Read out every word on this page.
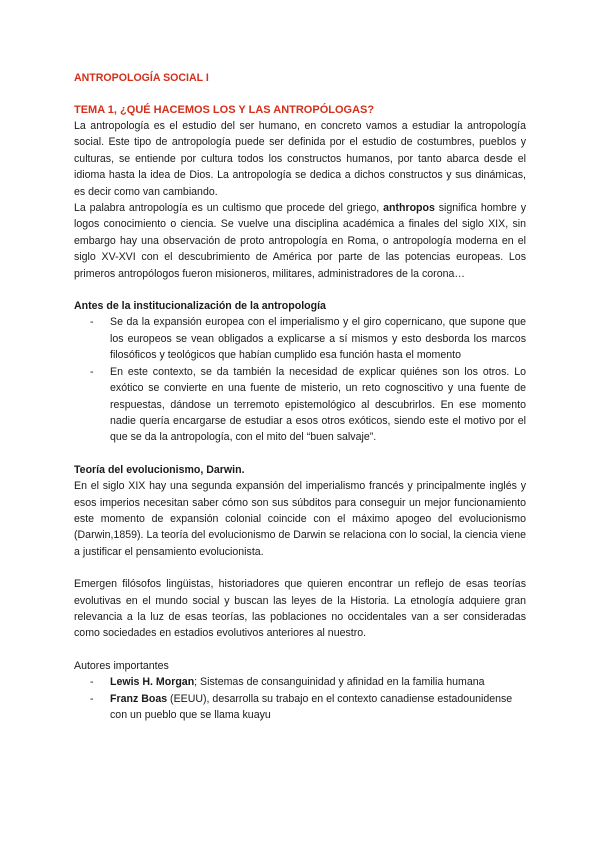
ANTROPOLOGÍA SOCIAL I

TEMA 1, ¿QUÉ HACEMOS LOS Y LAS ANTROPÓLOGAS?

La antropología es el estudio del ser humano, en concreto vamos a estudiar la antropología social. Este tipo de antropología puede ser definida por el estudio de costumbres, pueblos y culturas, se entiende por cultura todos los constructos humanos, por tanto abarca desde el idioma hasta la idea de Dios. La antropología se dedica a dichos constructos y sus dinámicas, es decir como van cambiando.

La palabra antropología es un cultismo que procede del griego, anthropos significa hombre y logos conocimiento o ciencia. Se vuelve una disciplina académica a finales del siglo XIX, sin embargo hay una observación de proto antropología en Roma, o antropología moderna en el siglo XV-XVI con el descubrimiento de América por parte de las potencias europeas. Los primeros antropólogos fueron misioneros, militares, administradores de la corona…

Antes de la institucionalización de la antropología

- Se da la expansión europea con el imperialismo y el giro copernicano, que supone que los europeos se vean obligados a explicarse a sí mismos y esto desborda los marcos filosóficos y teológicos que habían cumplido esa función hasta el momento
- En este contexto, se da también la necesidad de explicar quiénes son los otros. Lo exótico se convierte en una fuente de misterio, un reto cognoscitivo y una fuente de respuestas, dándose un terremoto epistemológico al descubrirlos. En ese momento nadie quería encargarse de estudiar a esos otros exóticos, siendo este el motivo por el que se da la antropología, con el mito del “buen salvaje”.

Teoría del evolucionismo, Darwin.

En el siglo XIX hay una segunda expansión del imperialismo francés y principalmente inglés y esos imperios necesitan saber cómo son sus súbditos para conseguir un mejor funcionamiento este momento de expansión colonial coincide con el máximo apogeo del evolucionismo (Darwin,1859). La teoría del evolucionismo de Darwin se relaciona con lo social, la ciencia viene a justificar el pensamiento evolucionista.

Emergen filósofos lingüistas, historiadores que quieren encontrar un reflejo de esas teorías evolutivas en el mundo social y buscan las leyes de la Historia. La etnología adquiere gran relevancia a la luz de esas teorías, las poblaciones no occidentales van a ser consideradas como sociedades en estadios evolutivos anteriores al nuestro.

Autores importantes

- Lewis H. Morgan; Sistemas de consanguinidad y afinidad en la familia humana
- Franz Boas (EEUU), desarrolla su trabajo en el contexto canadiense estadounidense con un pueblo que se llama kuayu
